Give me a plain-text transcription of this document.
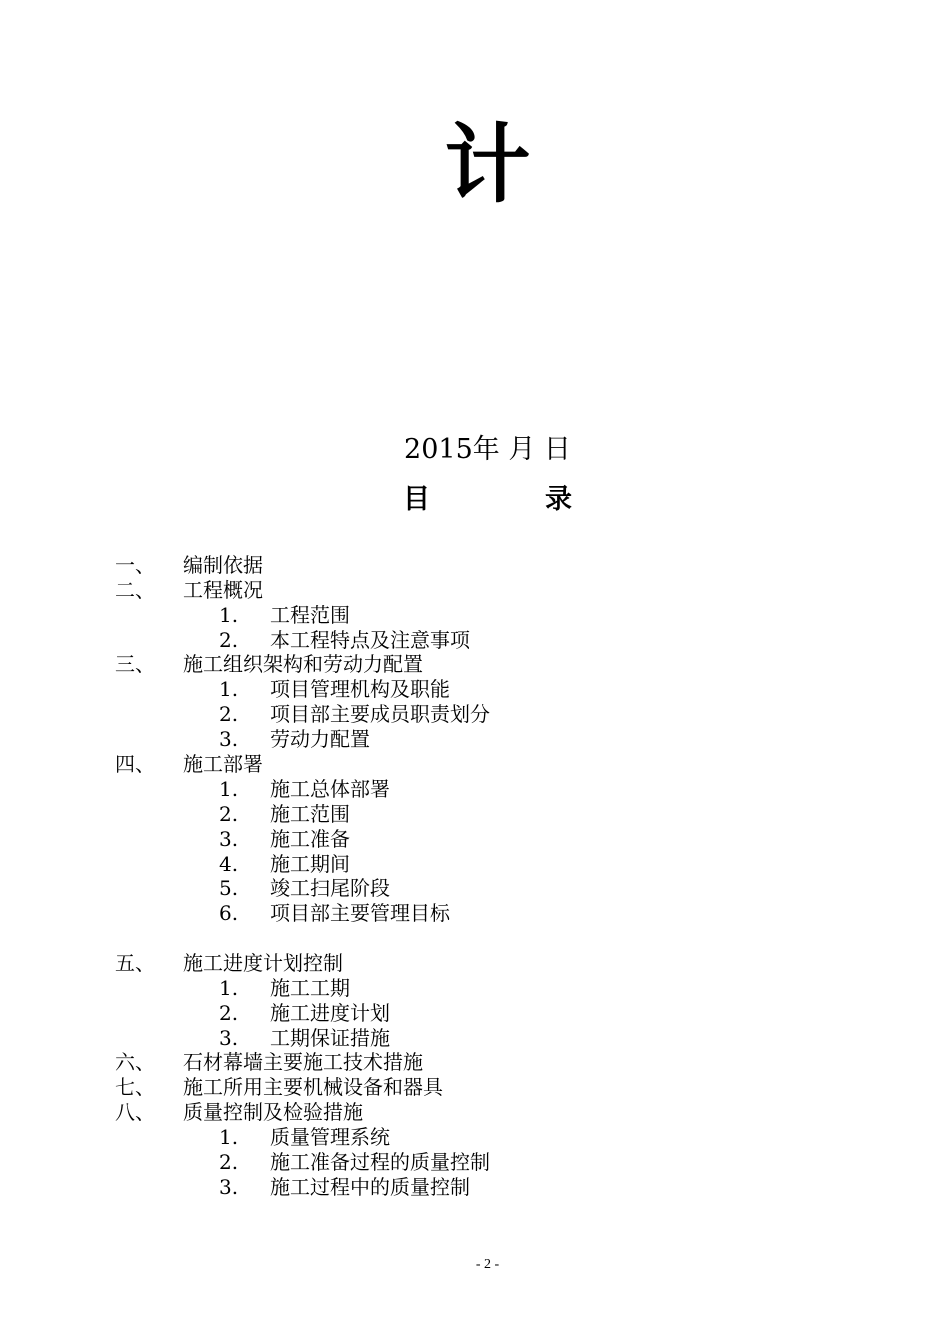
计
2015年 月 日
目	录
一、 编制依据
二、 工程概况
1. 工程范围
2. 本工程特点及注意事项
三、 施工组织架构和劳动力配置
1. 项目管理机构及职能
2. 项目部主要成员职责划分
3. 劳动力配置
四、 施工部署
1. 施工总体部署
2. 施工范围
3. 施工准备
4. 施工期间
5. 竣工扫尾阶段
6. 项目部主要管理目标
五、 施工进度计划控制
1. 施工工期
2. 施工进度计划
3. 工期保证措施
六、 石材幕墙主要施工技术措施
七、 施工所用主要机械设备和器具
八、 质量控制及检验措施
1. 质量管理系统
2. 施工准备过程的质量控制
3. 施工过程中的质量控制
- 2 -
